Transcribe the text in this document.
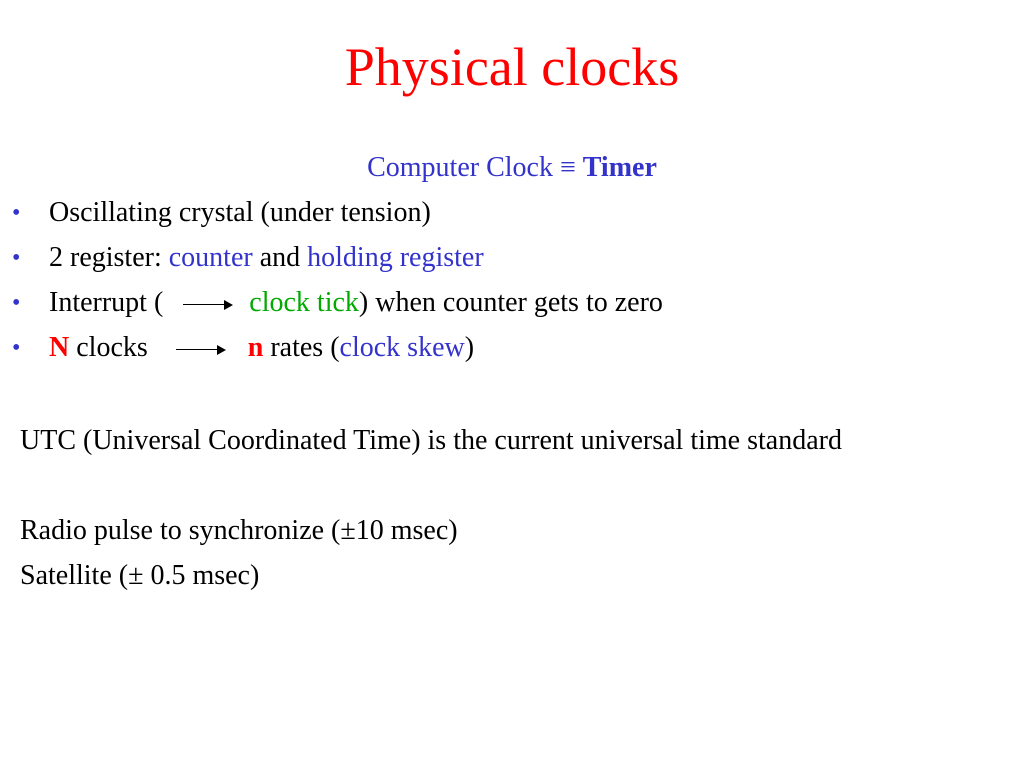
Physical clocks
Computer Clock ≡ Timer
• Oscillating crystal (under tension)
• 2 register: counter and holding register
• Interrupt (	clock tick) when counter gets to zero
• N clocks	n rates (clock skew)
UTC (Universal Coordinated Time) is the current universal time standard
Radio pulse to synchronize (±10 msec)
Satellite (± 0.5 msec)
